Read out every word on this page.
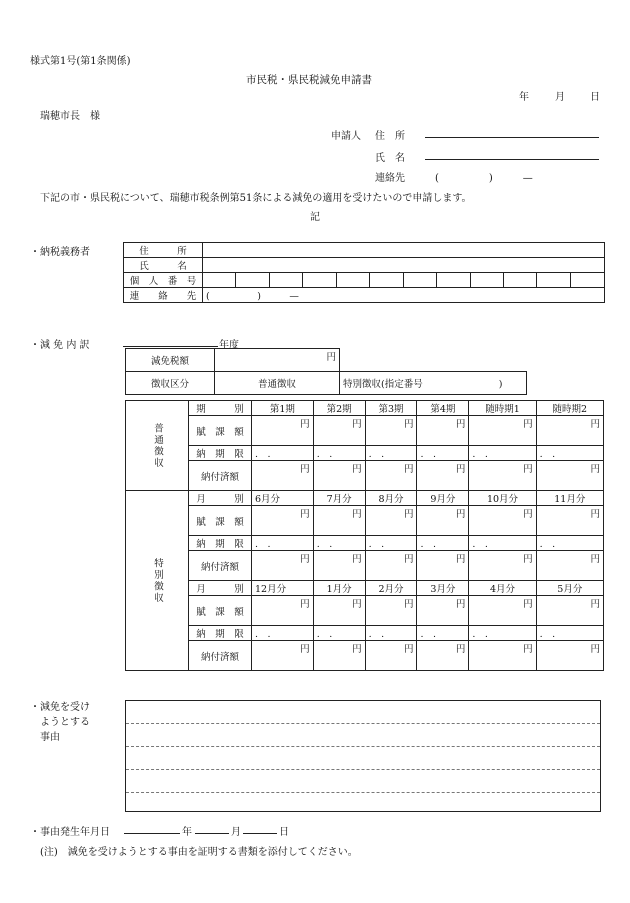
様式第1号(第1条関係)
市民税・県民税減免申請書
年	月	日
瑞穂市長　様
申請人 住　所
氏　名
連絡先	(　　　　　)　　　—
下記の市・県民税について、瑞穂市税条例第51条による減免の適用を受けたいので申請します。
記
・納税義務者	住　　　所												
氏　　　名												
個　人　番　号												
連　　絡　　先	(　　　　　)　　　—											
・減 免 内 訳	年度
減免税額	円	
徴収区分	普通徴収	特別徴収(指定番号　　　　　　　　)
普通徴収	期　　　別	第1期	第2期	第3期	第4期	随時期1	随時期2
	賦　課　額	円	円	円	円	円	円
	納　期　限	.　.	.　.	.　.	.　.	.　.	.　.
	納付済額	円	円	円	円	円	円
特別徴収	月　　　別	6月分	7月分	8月分	9月分	10月分	11月分
	賦　課　額	円	円	円	円	円	円
	納　期　限	.　.	.　.	.　.	.　.	.　.	.　.
	納付済額	円	円	円	円	円	円
	月　　　別	12月分	1月分	2月分	3月分	4月分	5月分
	賦　課　額	円	円	円	円	円	円
	納　期　限	.　.	.　.	.　.	.　.	.　.	.　.
	納付済額	円	円	円	円	円	円
・減免を受け
　ようとする
　事由
・事由発生年月日	年	月	日
(注)　減免を受けようとする事由を証明する書類を添付してください。
